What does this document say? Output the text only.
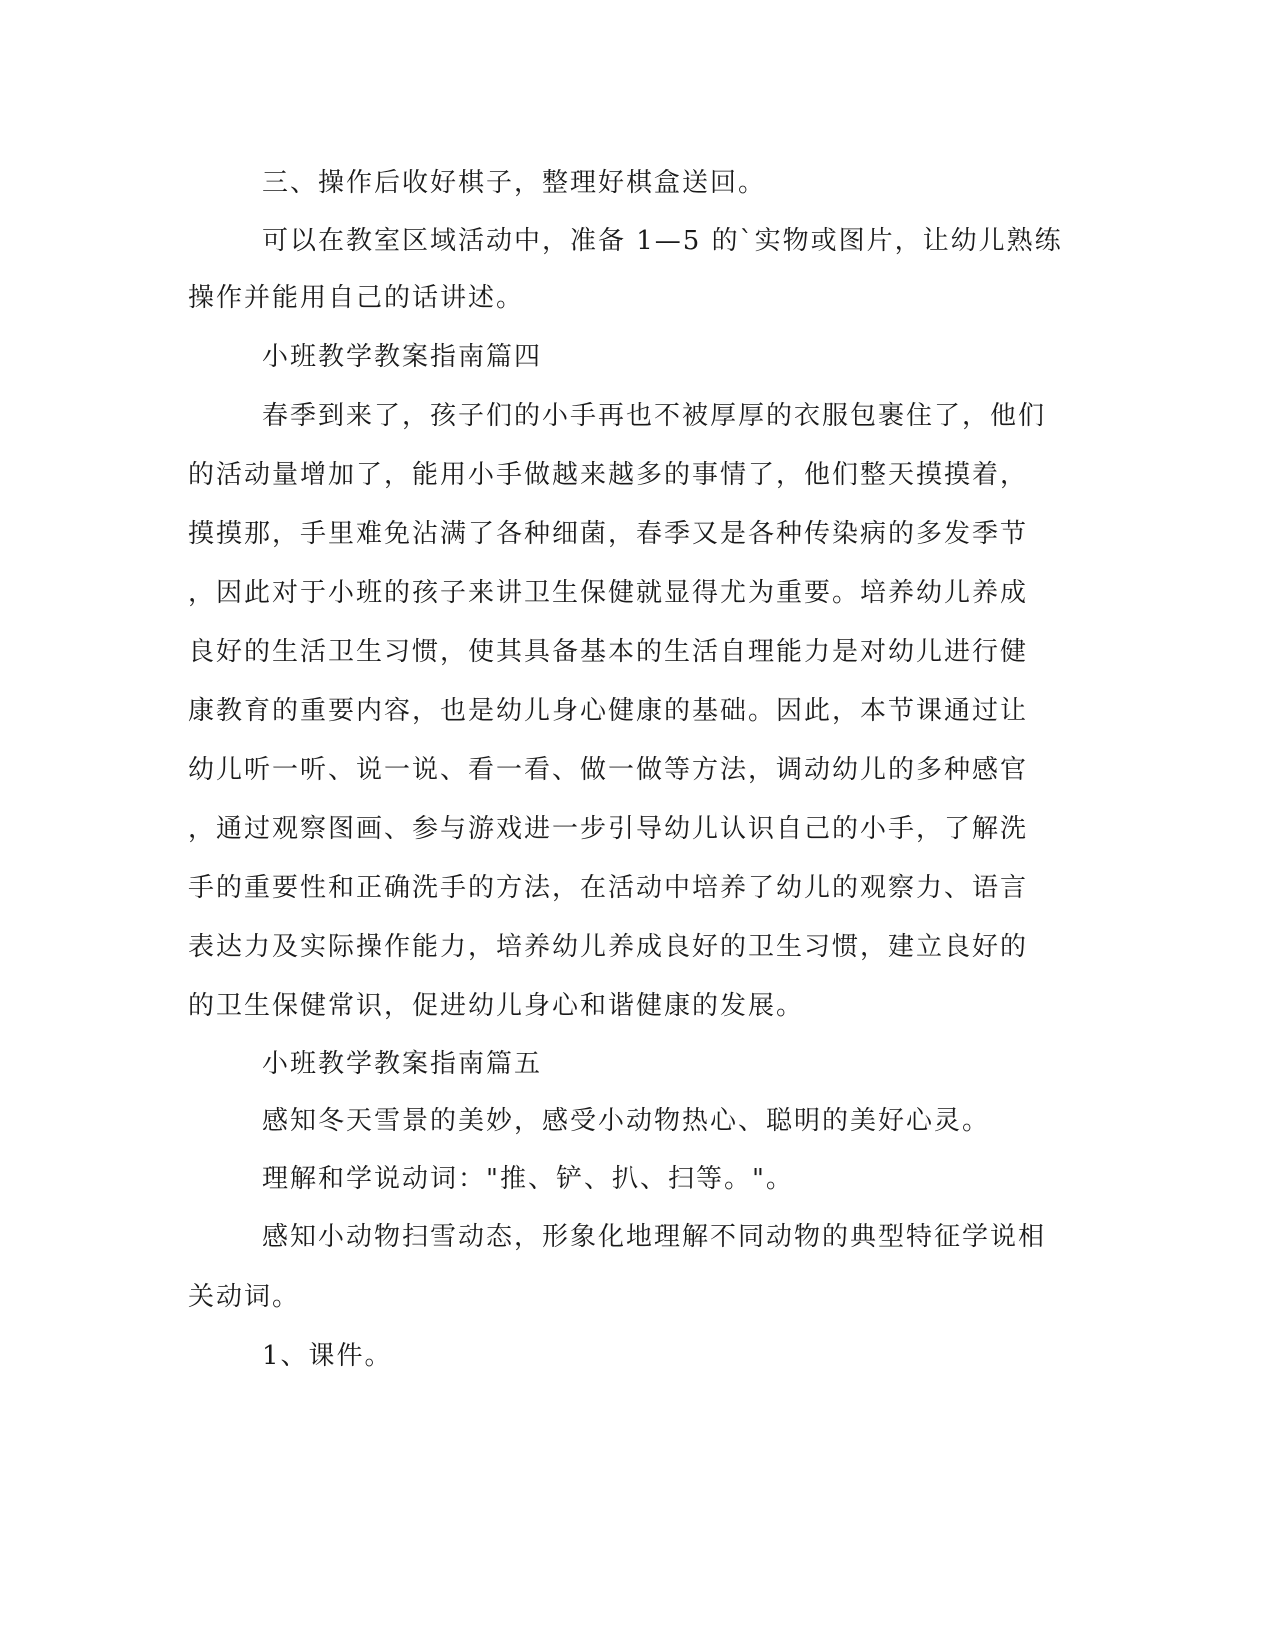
三、操作后收好棋子，整理好棋盒送回。
可以在教室区域活动中，准备 1—5 的`实物或图片，让幼儿熟练
操作并能用自己的话讲述。
小班教学教案指南篇四
春季到来了，孩子们的小手再也不被厚厚的衣服包裹住了，他们
的活动量增加了，能用小手做越来越多的事情了，他们整天摸摸着，
摸摸那，手里难免沾满了各种细菌，春季又是各种传染病的多发季节
，因此对于小班的孩子来讲卫生保健就显得尤为重要。培养幼儿养成
良好的生活卫生习惯，使其具备基本的生活自理能力是对幼儿进行健
康教育的重要内容，也是幼儿身心健康的基础。因此，本节课通过让
幼儿听一听、说一说、看一看、做一做等方法，调动幼儿的多种感官
，通过观察图画、参与游戏进一步引导幼儿认识自己的小手，了解洗
手的重要性和正确洗手的方法，在活动中培养了幼儿的观察力、语言
表达力及实际操作能力，培养幼儿养成良好的卫生习惯，建立良好的
的卫生保健常识，促进幼儿身心和谐健康的发展。
小班教学教案指南篇五
感知冬天雪景的美妙，感受小动物热心、聪明的美好心灵。
理解和学说动词："推、铲、扒、扫等。"。
感知小动物扫雪动态，形象化地理解不同动物的典型特征学说相
关动词。
1、课件。
